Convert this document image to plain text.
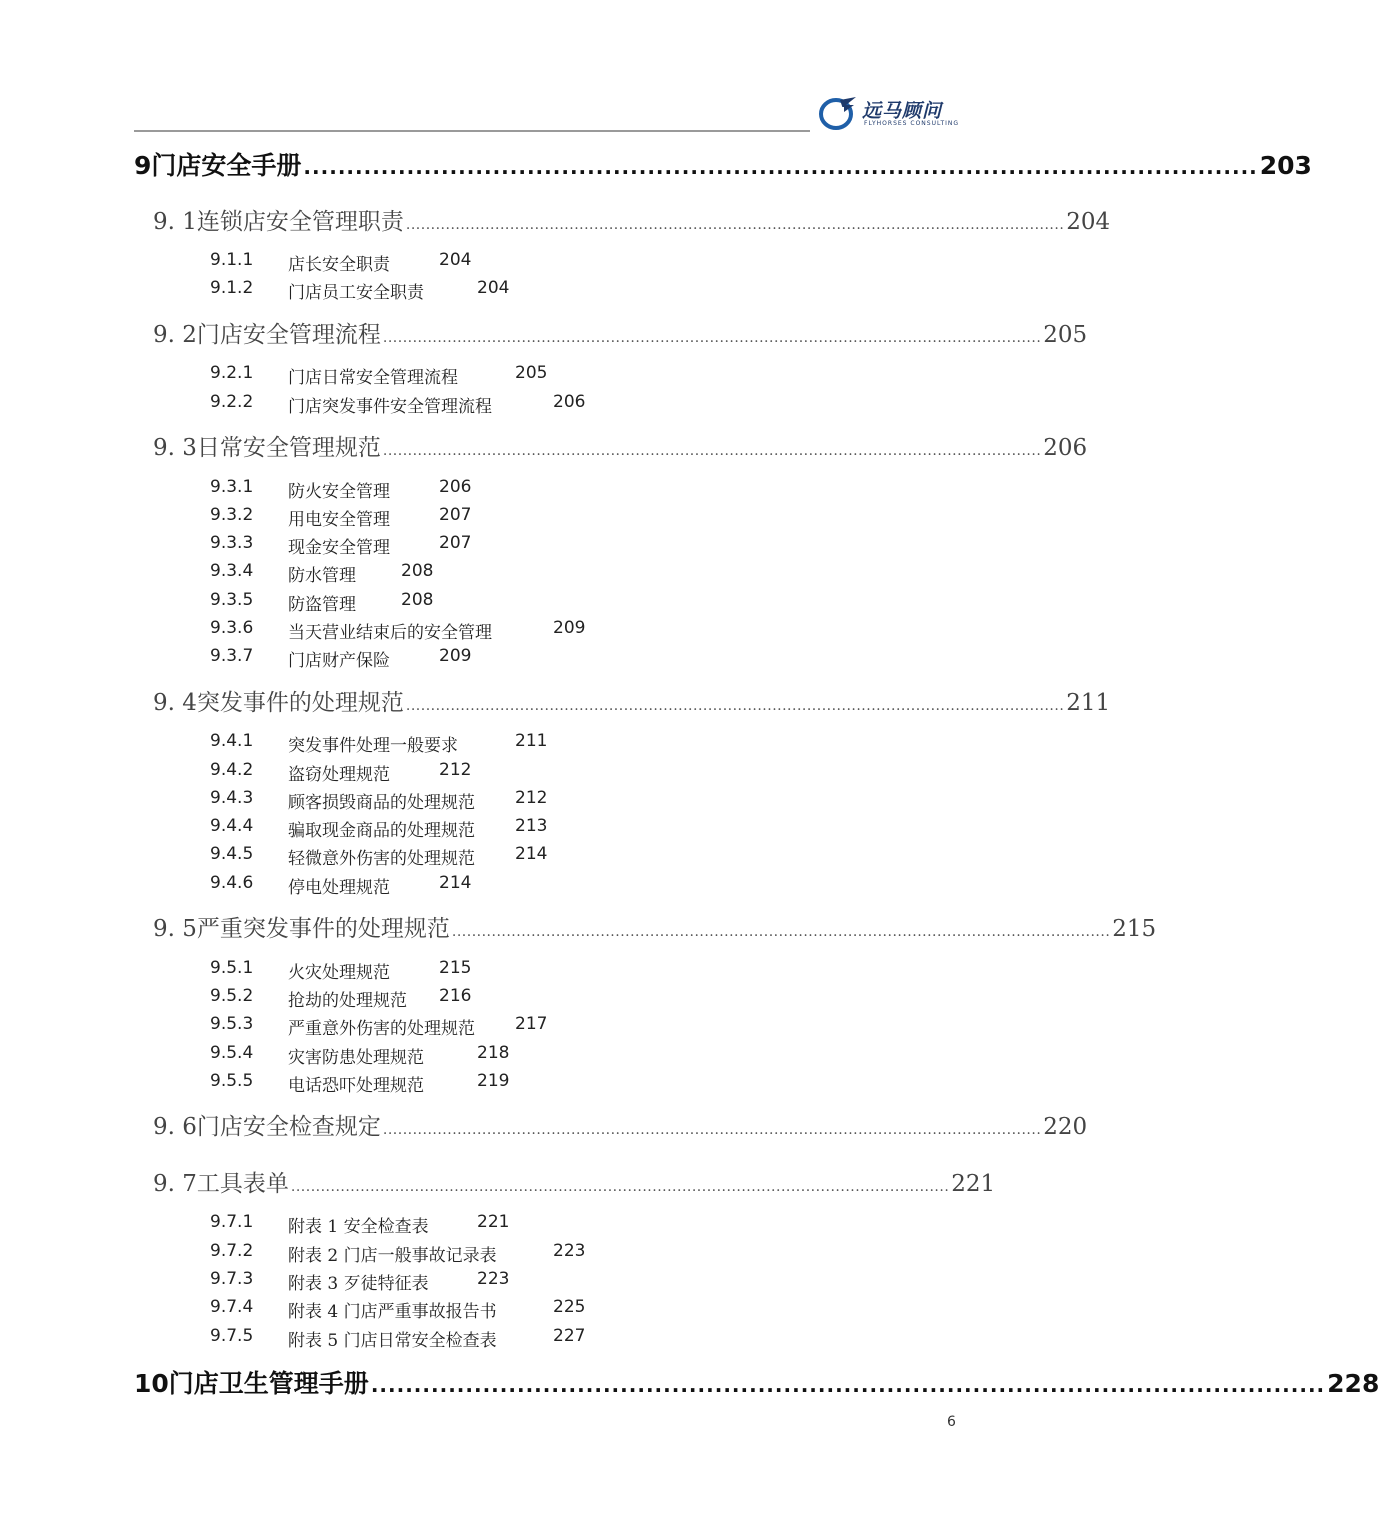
远马顾问
FLYHORSES CONSULTING
9 门店安全手册 ............................................................................................................... 203
9. 1 连锁店安全管理职责 ..................................................................................................................................... 204
9.1.1 店长安全职责	204
9.1.2 门店员工安全职责	204
9. 2 门店安全管理流程 ..................................................................................................................................... 205
9.2.1 门店日常安全管理流程	205
9.2.2 门店突发事件安全管理流程	206
9. 3 日常安全管理规范 ..................................................................................................................................... 206
9.3.1 防火安全管理	206
9.3.2 用电安全管理	207
9.3.3 现金安全管理	207
9.3.4 防水管理	208
9.3.5 防盗管理	208
9.3.6 当天营业结束后的安全管理	209
9.3.7 门店财产保险	209
9. 4 突发事件的处理规范 ..................................................................................................................................... 211
9.4.1 突发事件处理一般要求	211
9.4.2 盗窃处理规范	212
9.4.3 顾客损毁商品的处理规范 212
9.4.4 骗取现金商品的处理规范 213
9.4.5 轻微意外伤害的处理规范 214
9.4.6 停电处理规范	214
9. 5 严重突发事件的处理规范 ..................................................................................................................................... 215
9.5.1 火灾处理规范	215
9.5.2 抢劫的处理规范 216
9.5.3 严重意外伤害的处理规范 217
9.5.4 灾害防患处理规范	218
9.5.5 电话恐吓处理规范	219
9. 6 门店安全检查规定 ..................................................................................................................................... 220
9. 7 工具表单 ..................................................................................................................................... 221
9.7.1 附表 1 安全检查表	221
9.7.2 附表 2 门店一般事故记录表	223
9.7.3 附表 3 歹徒特征表	223
9.7.4 附表 4 门店严重事故报告书	225
9.7.5 附表 5 门店日常安全检查表	227
10 门店卫生管理手册 ............................................................................................................... 228
6
